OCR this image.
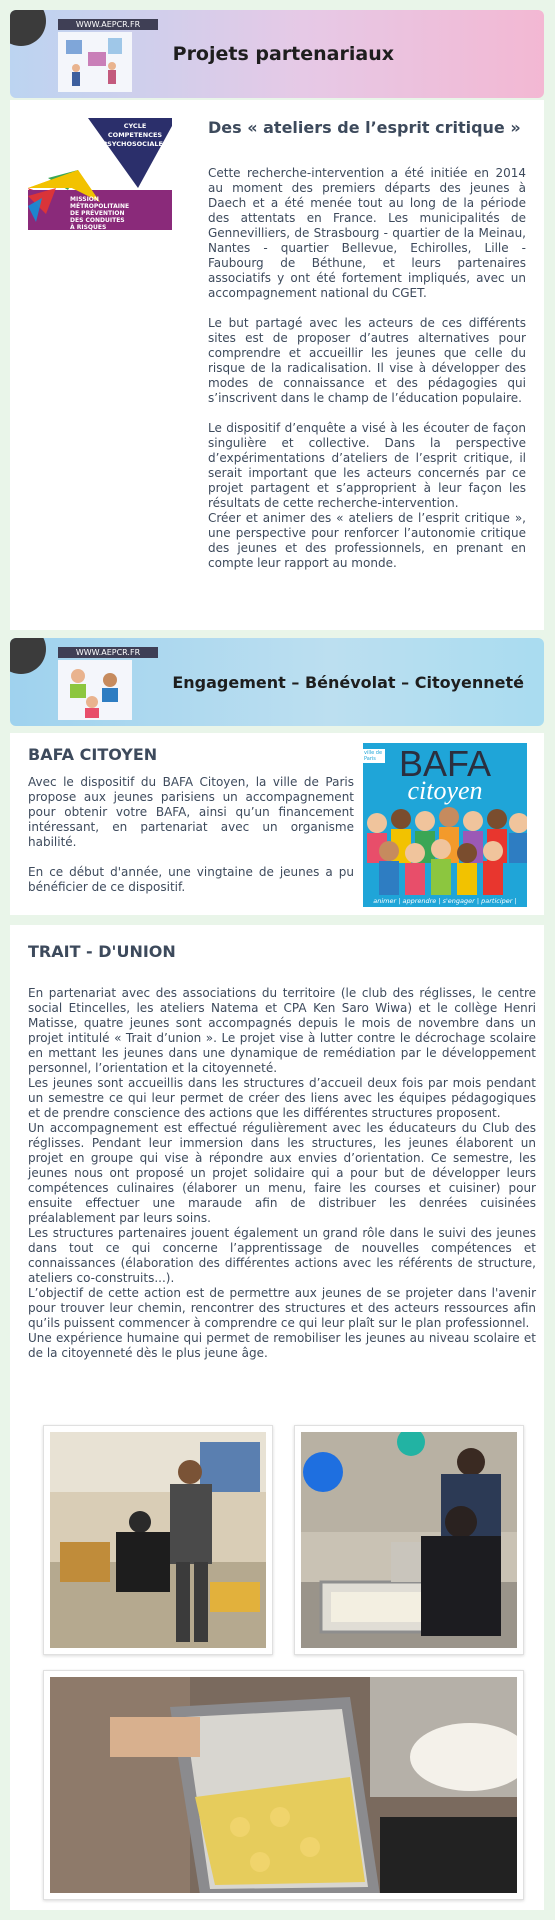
WWW.AEPCR.FR
Projets partenariaux
CYCLE
COMPETENCES
PSYCHOSOCIALES
MISSION
MÉTROPOLITAINE
DE PRÉVENTION
DES CONDUITES
À RISQUES
Des « ateliers de l’esprit critique »

Cette recherche-intervention a été initiée en 2014 au moment des premiers départs des jeunes à Daech et a été menée tout au long de la période des attentats en France. Les municipalités de Gennevilliers, de Strasbourg - quartier de la Meinau, Nantes - quartier Bellevue, Echirolles, Lille - Faubourg de Béthune, et leurs partenaires associatifs y ont été fortement impliqués, avec un accompagnement national du CGET.

Le but partagé avec les acteurs de ces différents sites est de proposer d’autres alternatives pour comprendre et accueillir les jeunes que celle du risque de la radicalisation. Il vise à développer des modes de connaissance et des pédagogies qui s’inscrivent dans le champ de l’éducation populaire.

Le dispositif d’enquête a visé à les écouter de façon singulière et collective. Dans la perspective d’expérimentations d’ateliers de l’esprit critique, il serait important que les acteurs concernés par ce projet partagent et s’approprient à leur façon les résultats de cette recherche-intervention.

Créer et animer des « ateliers de l’esprit critique », une perspective pour renforcer l’autonomie critique des jeunes et des professionnels, en prenant en compte leur rapport au monde.

WWW.AEPCR.FR
Engagement – Bénévolat – Citoyenneté
BAFA CITOYEN

Avec le dispositif du BAFA Citoyen, la ville de Paris propose aux jeunes parisiens un accompagnement pour obtenir votre BAFA, ainsi qu’un financement intéressant, en partenariat avec un organisme habilité.

En ce début d'année, une vingtaine de jeunes a pu bénéficier de ce dispositif.

ville de Paris BAFA
citoyen
animer | apprendre | s'engager | participer |
TRAIT - D'UNION

En partenariat avec des associations du territoire (le club des réglisses, le centre social Etincelles, les ateliers Natema et CPA Ken Saro Wiwa) et le collège Henri Matisse, quatre jeunes sont accompagnés depuis le mois de novembre dans un projet intitulé « Trait d’union ». Le projet vise à lutter contre le décrochage scolaire en mettant les jeunes dans une dynamique de remédiation par le développement personnel, l’orientation et la citoyenneté.

Les jeunes sont accueillis dans les structures d’accueil deux fois par mois pendant un semestre ce qui leur permet de créer des liens avec les équipes pédagogiques et de prendre conscience des actions que les différentes structures proposent.

Un accompagnement est effectué régulièrement avec les éducateurs du Club des réglisses. Pendant leur immersion dans les structures, les jeunes élaborent un projet en groupe qui vise à répondre aux envies d’orientation. Ce semestre, les jeunes nous ont proposé un projet solidaire qui a pour but de développer leurs compétences culinaires (élaborer un menu, faire les courses et cuisiner) pour ensuite effectuer une maraude afin de distribuer les denrées cuisinées préalablement par leurs soins.

Les structures partenaires jouent également un grand rôle dans le suivi des jeunes dans tout ce qui concerne l’apprentissage de nouvelles compétences et connaissances (élaboration des différentes actions avec les référents de structure, ateliers co-construits...).

L’objectif de cette action est de permettre aux jeunes de se projeter dans l'avenir pour trouver leur chemin, rencontrer des structures et des acteurs ressources afin qu’ils puissent commencer à comprendre ce qui leur plaît sur le plan professionnel.

Une expérience humaine qui permet de remobiliser les jeunes au niveau scolaire et de la citoyenneté dès le plus jeune âge.
